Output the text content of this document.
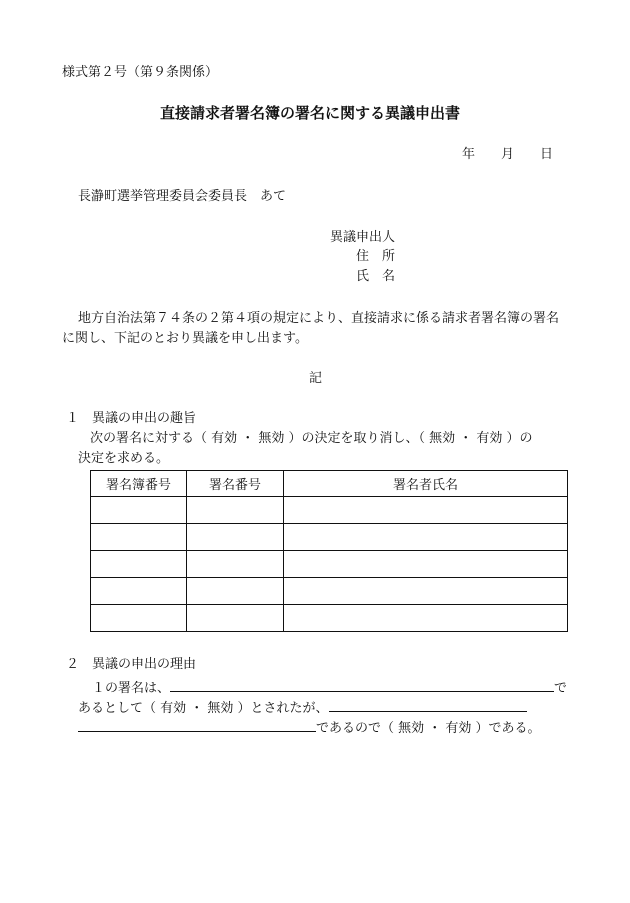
様式第２号（第９条関係）
直接請求者署名簿の署名に関する異議申出書
年 月 日
長瀞町選挙管理委員会委員長　あて
異議申出人
住　所
氏　名
地方自治法第７４条の２第４項の規定により、直接請求に係る請求者署名簿の署名
に関し、下記のとおり異議を申し出ます。
記
１　異議の申出の趣旨
次の署名に対する（ 有効 ・ 無効 ）の決定を取り消し、（ 無効 ・ 有効 ）の
決定を求める。
署名簿番号	署名番号	署名者氏名

２　異議の申出の理由
１の署名は、	で
あるとして（ 有効 ・ 無効 ）とされたが、
であるので（ 無効 ・ 有効 ）である。
